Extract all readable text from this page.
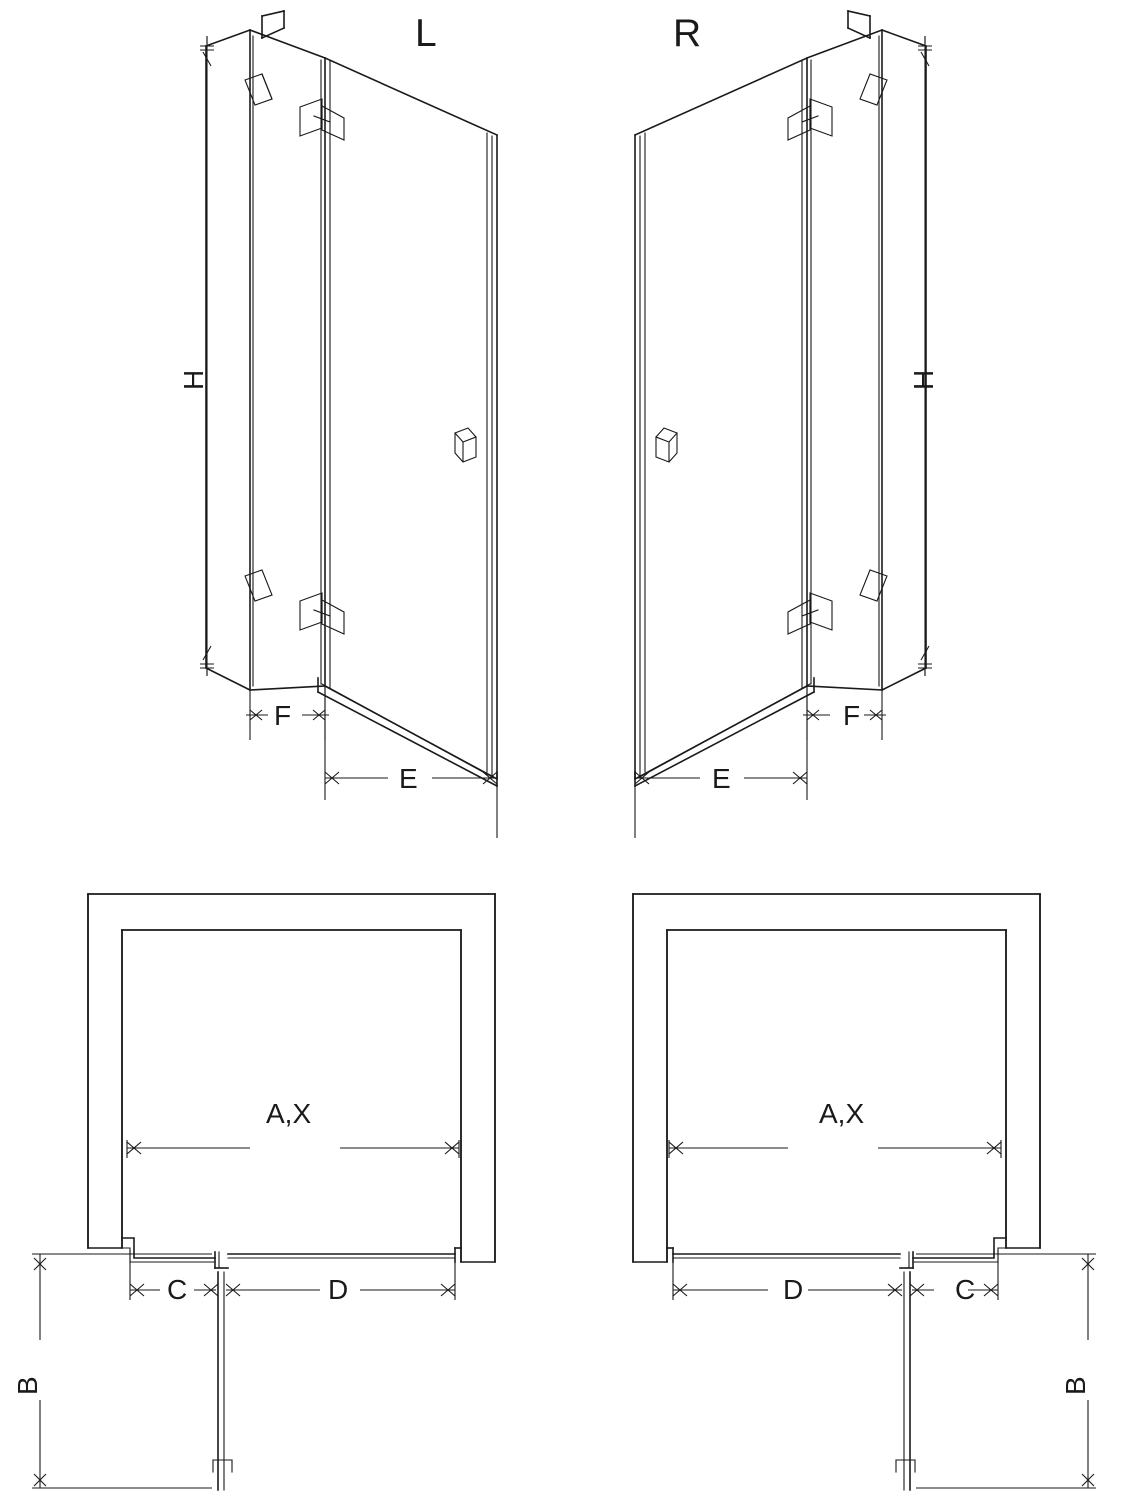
L	R
H	H
F
E
F
E
A,X	A,X
C	D	C
D
B	B
